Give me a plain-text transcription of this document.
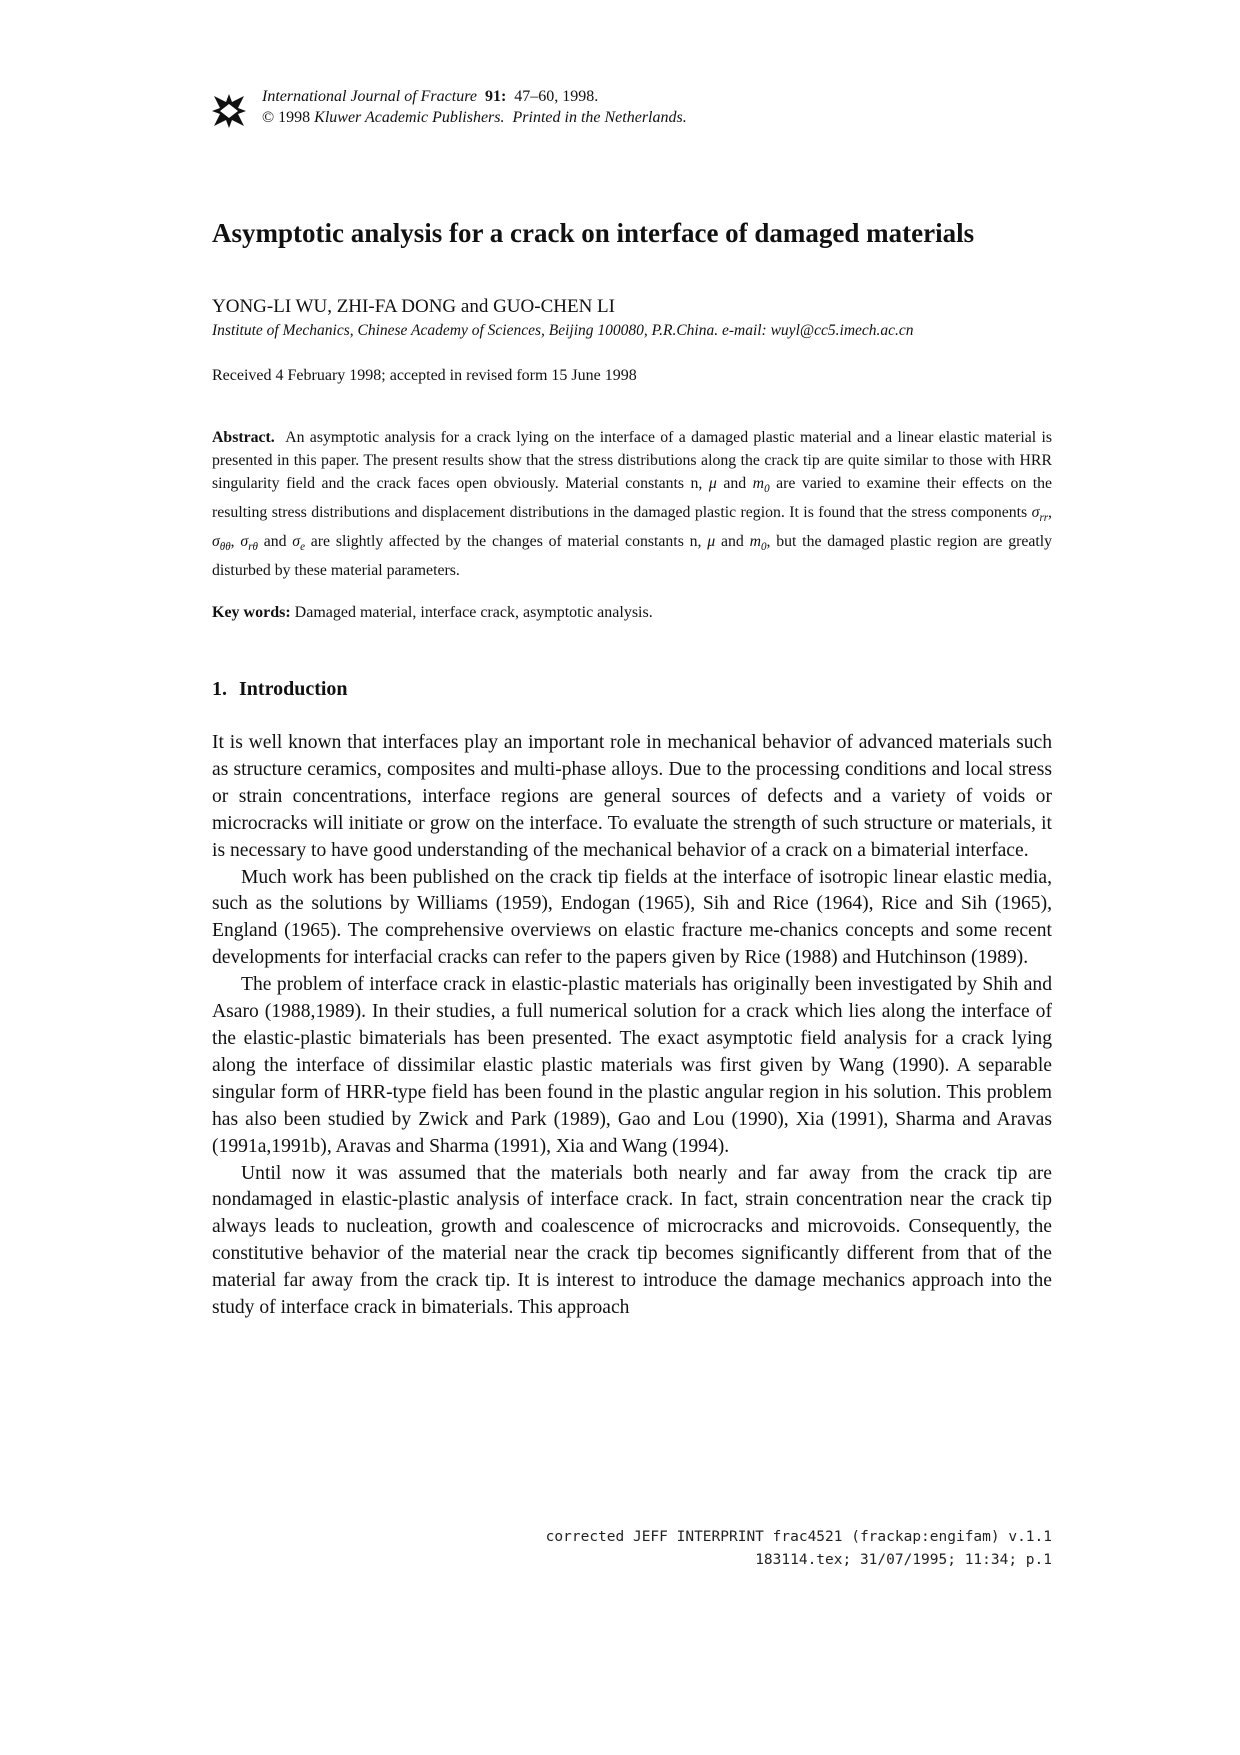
International Journal of Fracture 91: 47–60, 1998.
© 1998 Kluwer Academic Publishers. Printed in the Netherlands.
Asymptotic analysis for a crack on interface of damaged materials
YONG-LI WU, ZHI-FA DONG and GUO-CHEN LI
Institute of Mechanics, Chinese Academy of Sciences, Beijing 100080, P.R.China. e-mail: wuyl@cc5.imech.ac.cn
Received 4 February 1998; accepted in revised form 15 June 1998
Abstract. An asymptotic analysis for a crack lying on the interface of a damaged plastic material and a linear elastic material is presented in this paper. The present results show that the stress distributions along the crack tip are quite similar to those with HRR singularity field and the crack faces open obviously. Material constants n, μ and $m_0$ are varied to examine their effects on the resulting stress distributions and displacement distributions in the damaged plastic region. It is found that the stress components $\sigma_{rr}$, $\sigma_{\theta\theta}$, $\sigma_{r\theta}$ and $\sigma_e$ are slightly affected by the changes of material constants n, μ and $m_0$, but the damaged plastic region are greatly disturbed by these material parameters.
Key words: Damaged material, interface crack, asymptotic analysis.
1. Introduction

It is well known that interfaces play an important role in mechanical behavior of advanced materials such as structure ceramics, composites and multi-phase alloys. Due to the processing conditions and local stress or strain concentrations, interface regions are general sources of defects and a variety of voids or microcracks will initiate or grow on the interface. To evaluate the strength of such structure or materials, it is necessary to have good understanding of the mechanical behavior of a crack on a bimaterial interface.

Much work has been published on the crack tip fields at the interface of isotropic linear elastic media, such as the solutions by Williams (1959), Endogan (1965), Sih and Rice (1964), Rice and Sih (1965), England (1965). The comprehensive overviews on elastic fracture me-chanics concepts and some recent developments for interfacial cracks can refer to the papers given by Rice (1988) and Hutchinson (1989).

The problem of interface crack in elastic-plastic materials has originally been investigated by Shih and Asaro (1988,1989). In their studies, a full numerical solution for a crack which lies along the interface of the elastic-plastic bimaterials has been presented. The exact asymptotic field analysis for a crack lying along the interface of dissimilar elastic plastic materials was first given by Wang (1990). A separable singular form of HRR-type field has been found in the plastic angular region in his solution. This problem has also been studied by Zwick and Park (1989), Gao and Lou (1990), Xia (1991), Sharma and Aravas (1991a,1991b), Aravas and Sharma (1991), Xia and Wang (1994).

Until now it was assumed that the materials both nearly and far away from the crack tip are nondamaged in elastic-plastic analysis of interface crack. In fact, strain concentration near the crack tip always leads to nucleation, growth and coalescence of microcracks and microvoids. Consequently, the constitutive behavior of the material near the crack tip becomes significantly different from that of the material far away from the crack tip. It is interest to introduce the damage mechanics approach into the study of interface crack in bimaterials. This approach

corrected JEFF INTERPRINT frac4521 (frackap:engifam) v.1.1
183114.tex; 31/07/1995; 11:34; p.1
